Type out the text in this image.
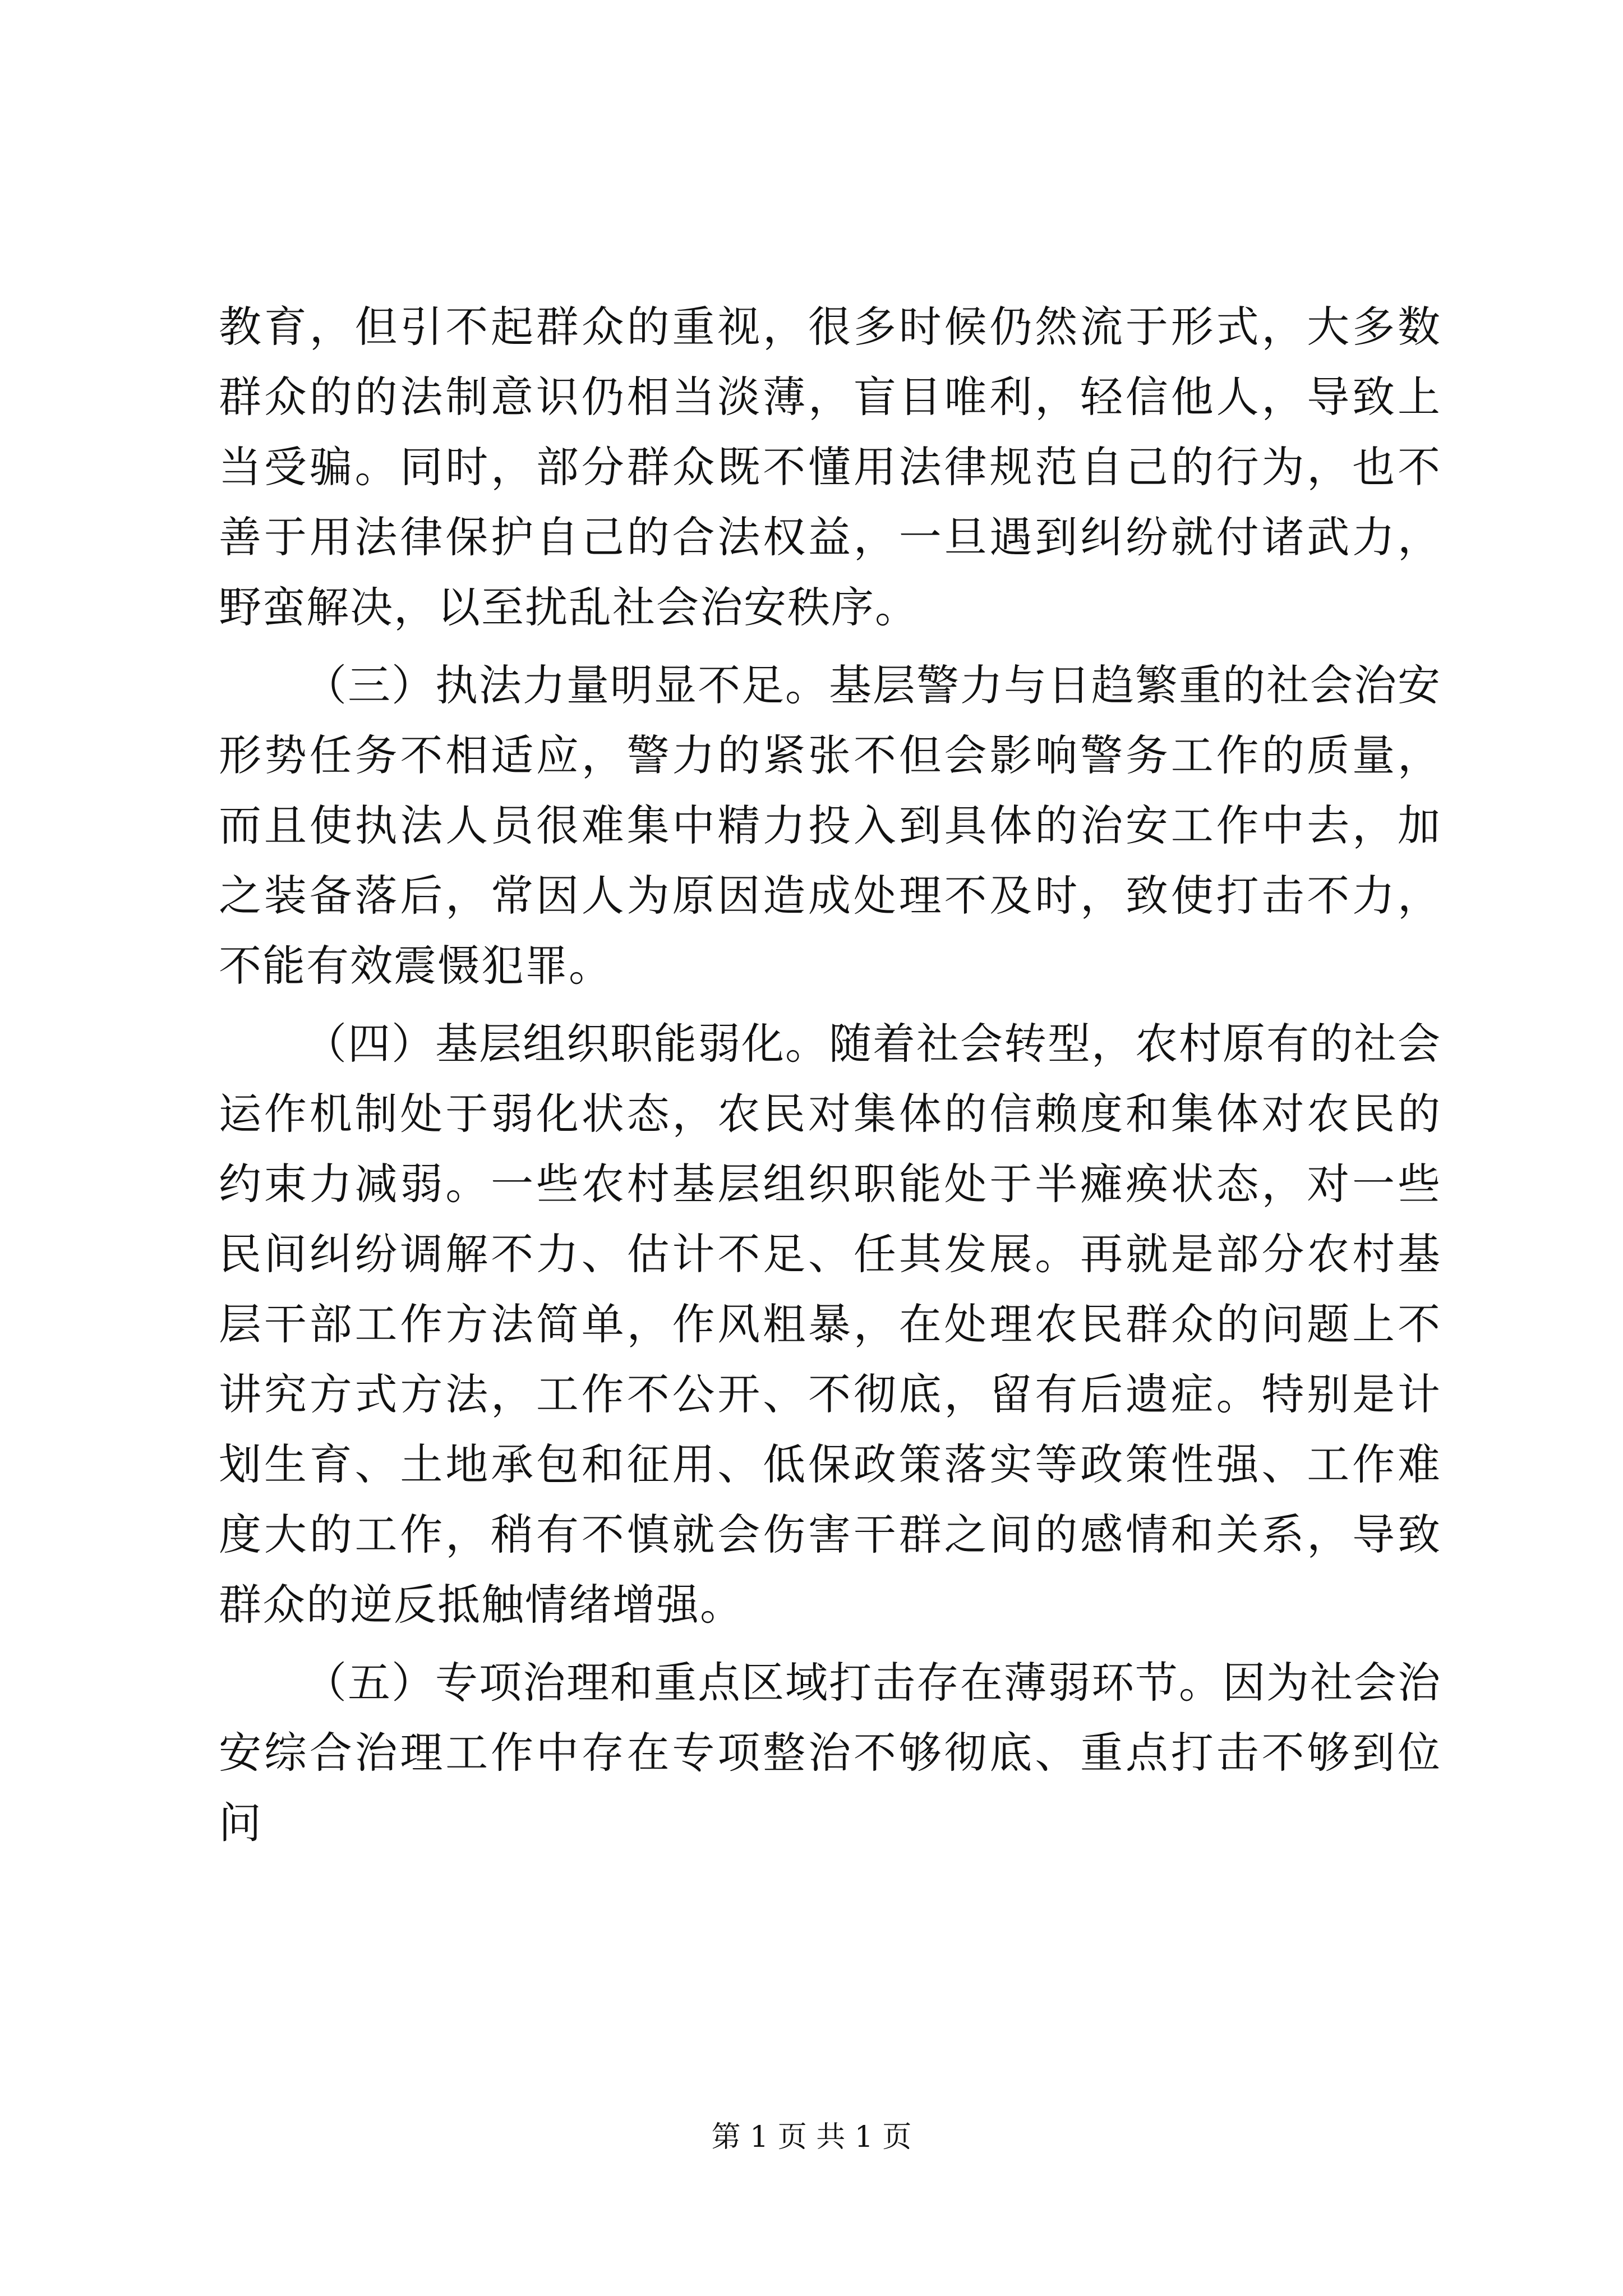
教育，但引不起群众的重视，很多时候仍然流于形式，大多数群众的的法制意识仍相当淡薄，盲目唯利，轻信他人，导致上当受骗。同时，部分群众既不懂用法律规范自己的行为，也不善于用法律保护自己的合法权益，一旦遇到纠纷就付诸武力，野蛮解决，以至扰乱社会治安秩序。

（三）执法力量明显不足。基层警力与日趋繁重的社会治安形势任务不相适应，警力的紧张不但会影响警务工作的质量，而且使执法人员很难集中精力投入到具体的治安工作中去，加之装备落后，常因人为原因造成处理不及时，致使打击不力，不能有效震慑犯罪。

（四）基层组织职能弱化。随着社会转型，农村原有的社会运作机制处于弱化状态，农民对集体的信赖度和集体对农民的约束力减弱。一些农村基层组织职能处于半瘫痪状态，对一些民间纠纷调解不力、估计不足、任其发展。再就是部分农村基层干部工作方法简单，作风粗暴，在处理农民群众的问题上不讲究方式方法，工作不公开、不彻底，留有后遗症。特别是计划生育、土地承包和征用、低保政策落实等政策性强、工作难度大的工作，稍有不慎就会伤害干群之间的感情和关系，导致群众的逆反抵触情绪增强。

（五）专项治理和重点区域打击存在薄弱环节。因为社会治安综合治理工作中存在专项整治不够彻底、重点打击不够到位问

第 1 页 共 1 页
